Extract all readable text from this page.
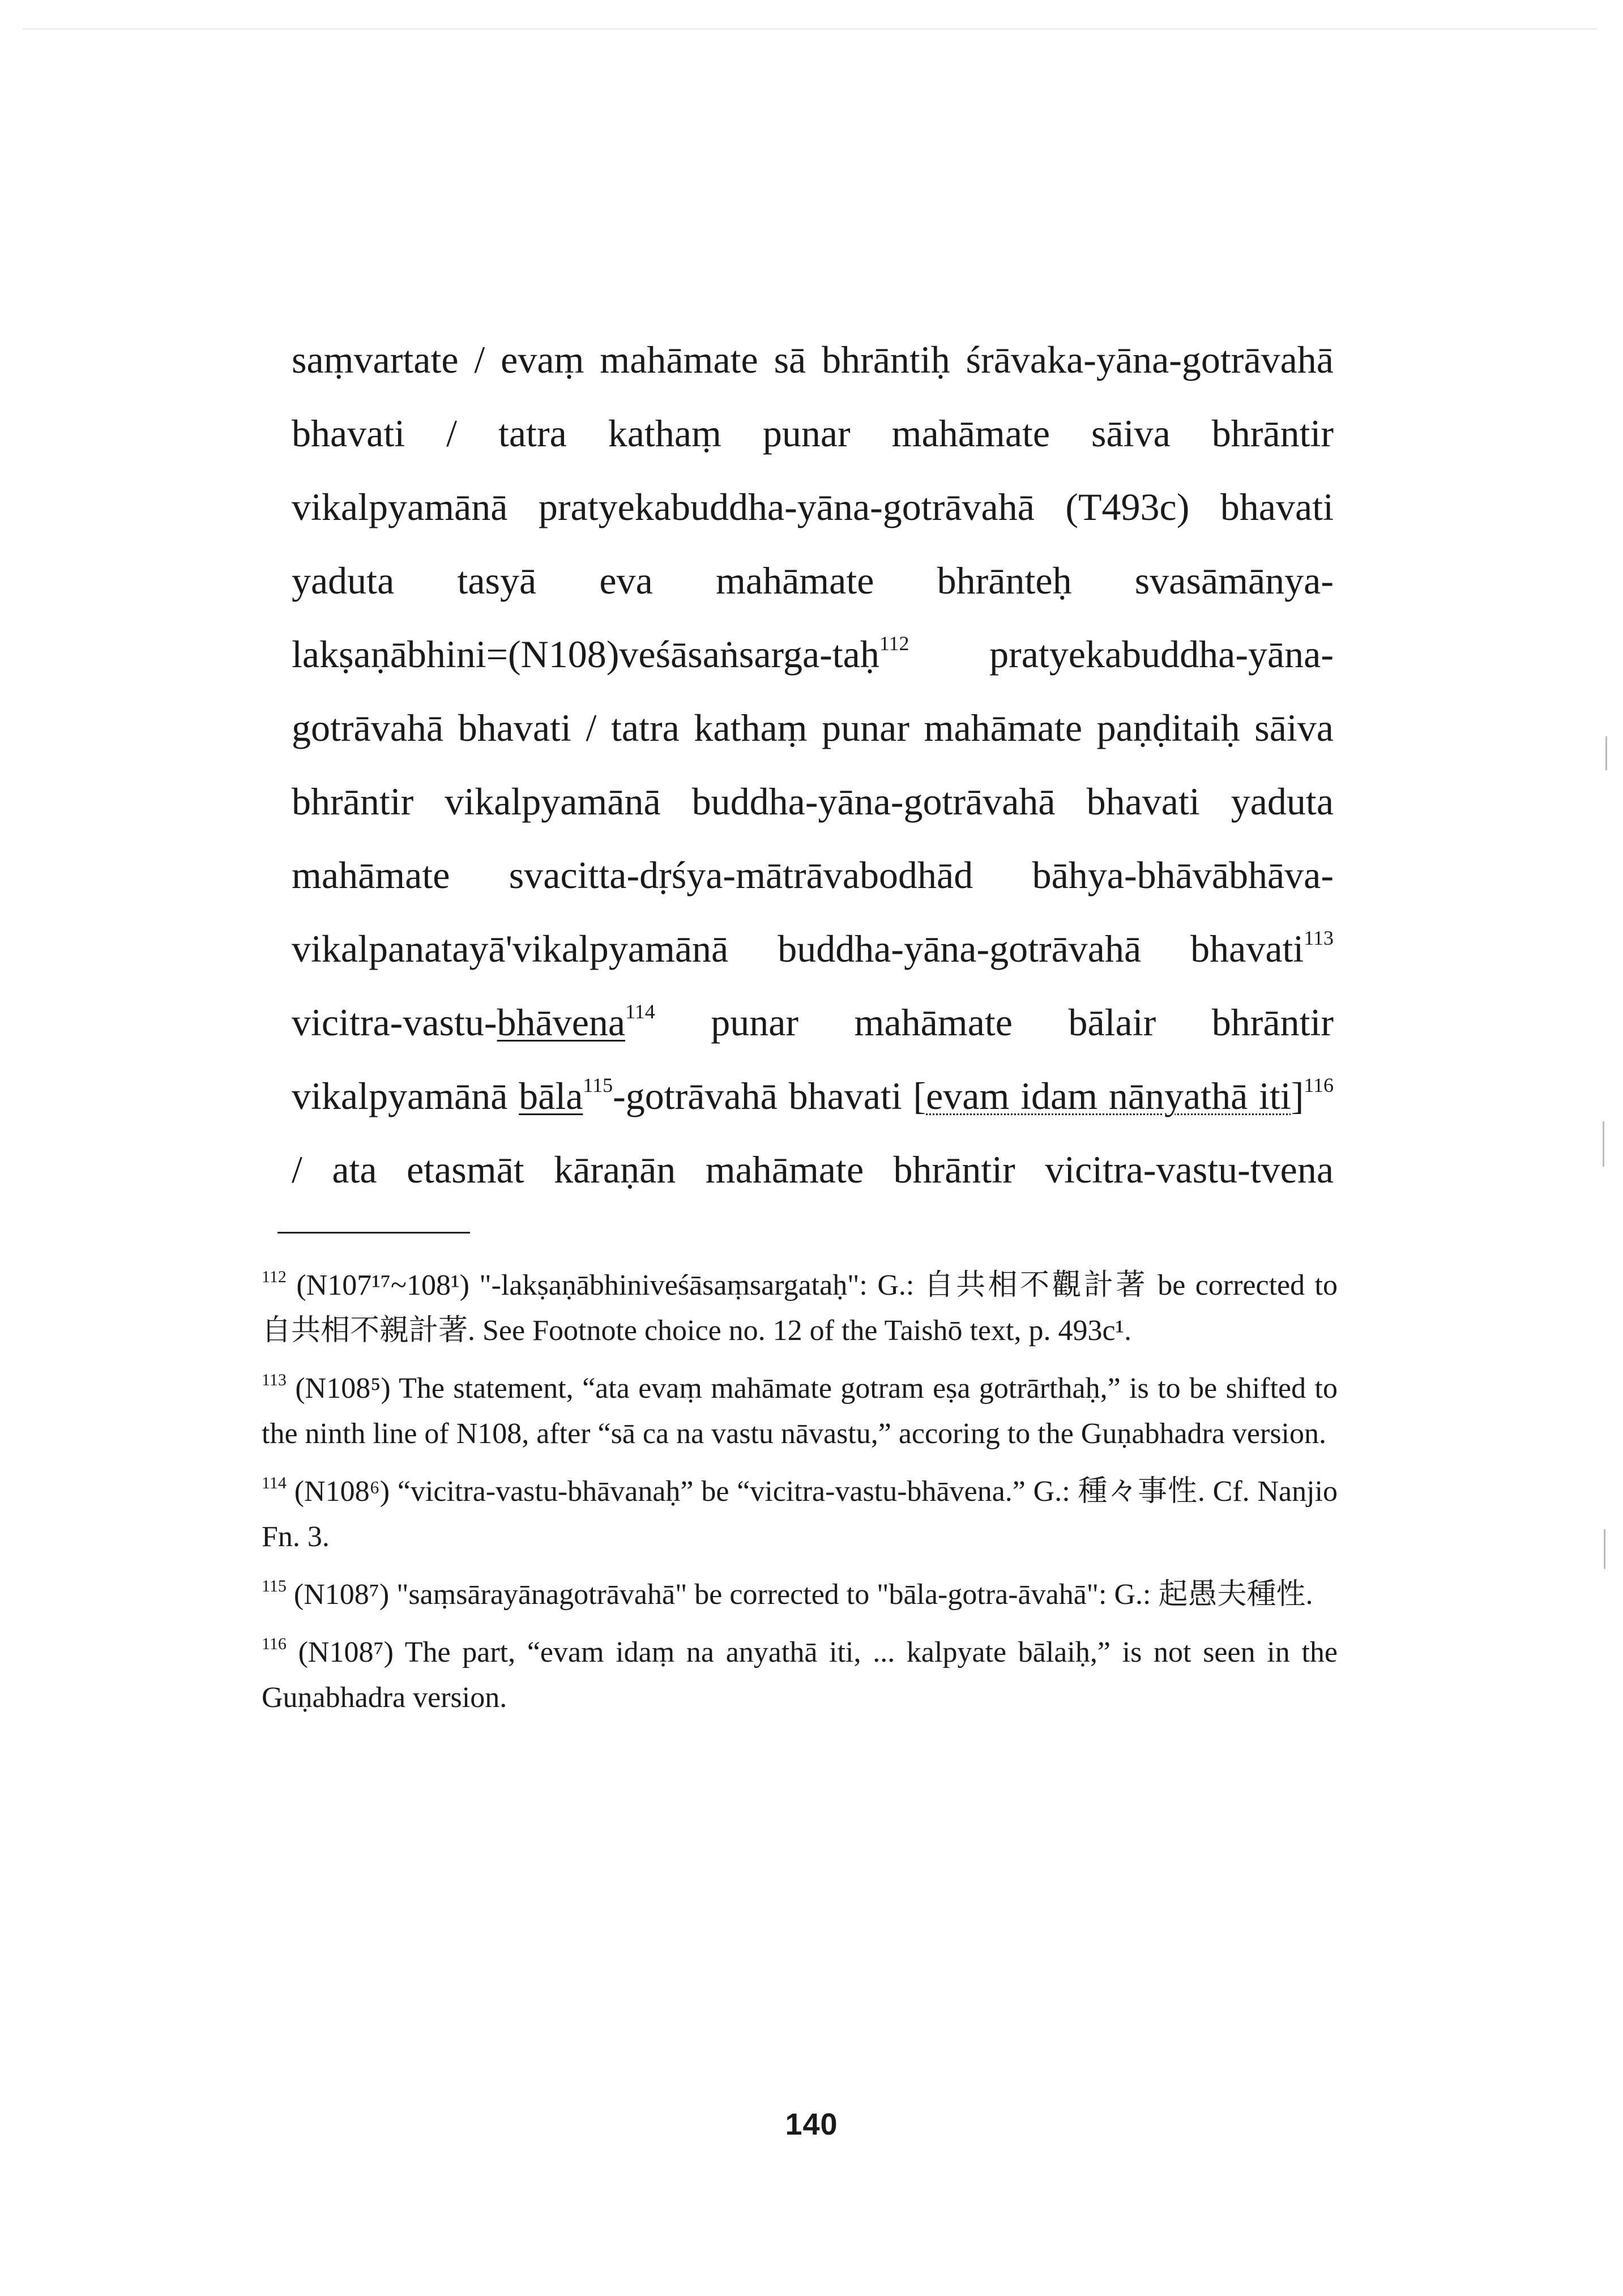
saṃvartate / evaṃ mahāmate sā bhrāntiḥ śrāvaka-yāna-gotrāvahā
bhavati / tatra kathaṃ punar mahāmate sāiva bhrāntir
vikalpyamānā pratyekabuddha-yāna-gotrāvahā (T493c) bhavati
yaduta tasyā eva mahāmate bhrānteḥ svasāmānya-
lakṣaṇābhini=(N108)veśāsaṅsarga-taḥ$^{112}$ pratyekabuddha-yāna-
gotrāvahā bhavati / tatra kathaṃ punar mahāmate paṇḍitaiḥ sāiva
bhrāntir vikalpyamānā buddha-yāna-gotrāvahā bhavati yaduta
mahāmate svacitta-dṛśya-mātrāvabodhād bāhya-bhāvābhāva-
vikalpanatayā'vikalpyamānā buddha-yāna-gotrāvahā bhavati$^{113}$
vicitra-vastu-bhāvena$^{114}$ punar mahāmate bālair bhrāntir
vikalpyamānā bāla$^{115}$-gotrāvahā bhavati [evam idam nānyathā iti]$^{116}$
/ ata etasmāt kāraṇān mahāmate bhrāntir vicitra-vastu-tvena

$^{112}$ (N107¹⁷~108¹) "-lakṣaṇābhiniveśāsaṃsargataḥ": G.: 自共相不觀計著 be corrected to 自共相不親計著. See Footnote choice no. 12 of the Taishō text, p. 493c¹.

$^{113}$ (N108⁵) The statement, “ata evaṃ mahāmate gotram eṣa gotrārthaḥ,” is to be shifted to the ninth line of N108, after “sā ca na vastu nāvastu,” accoring to the Guṇabhadra version.

$^{114}$ (N108⁶) “vicitra-vastu-bhāvanaḥ” be “vicitra-vastu-bhāvena.” G.: 種々事性. Cf. Nanjio Fn. 3.

$^{115}$ (N108⁷) "saṃsārayānagotrāvahā" be corrected to "bāla-gotra-āvahā": G.: 起愚夫種性.

$^{116}$ (N108⁷) The part, “evam idaṃ na anyathā iti, ... kalpyate bālaiḥ,” is not seen in the Guṇabhadra version.

140
